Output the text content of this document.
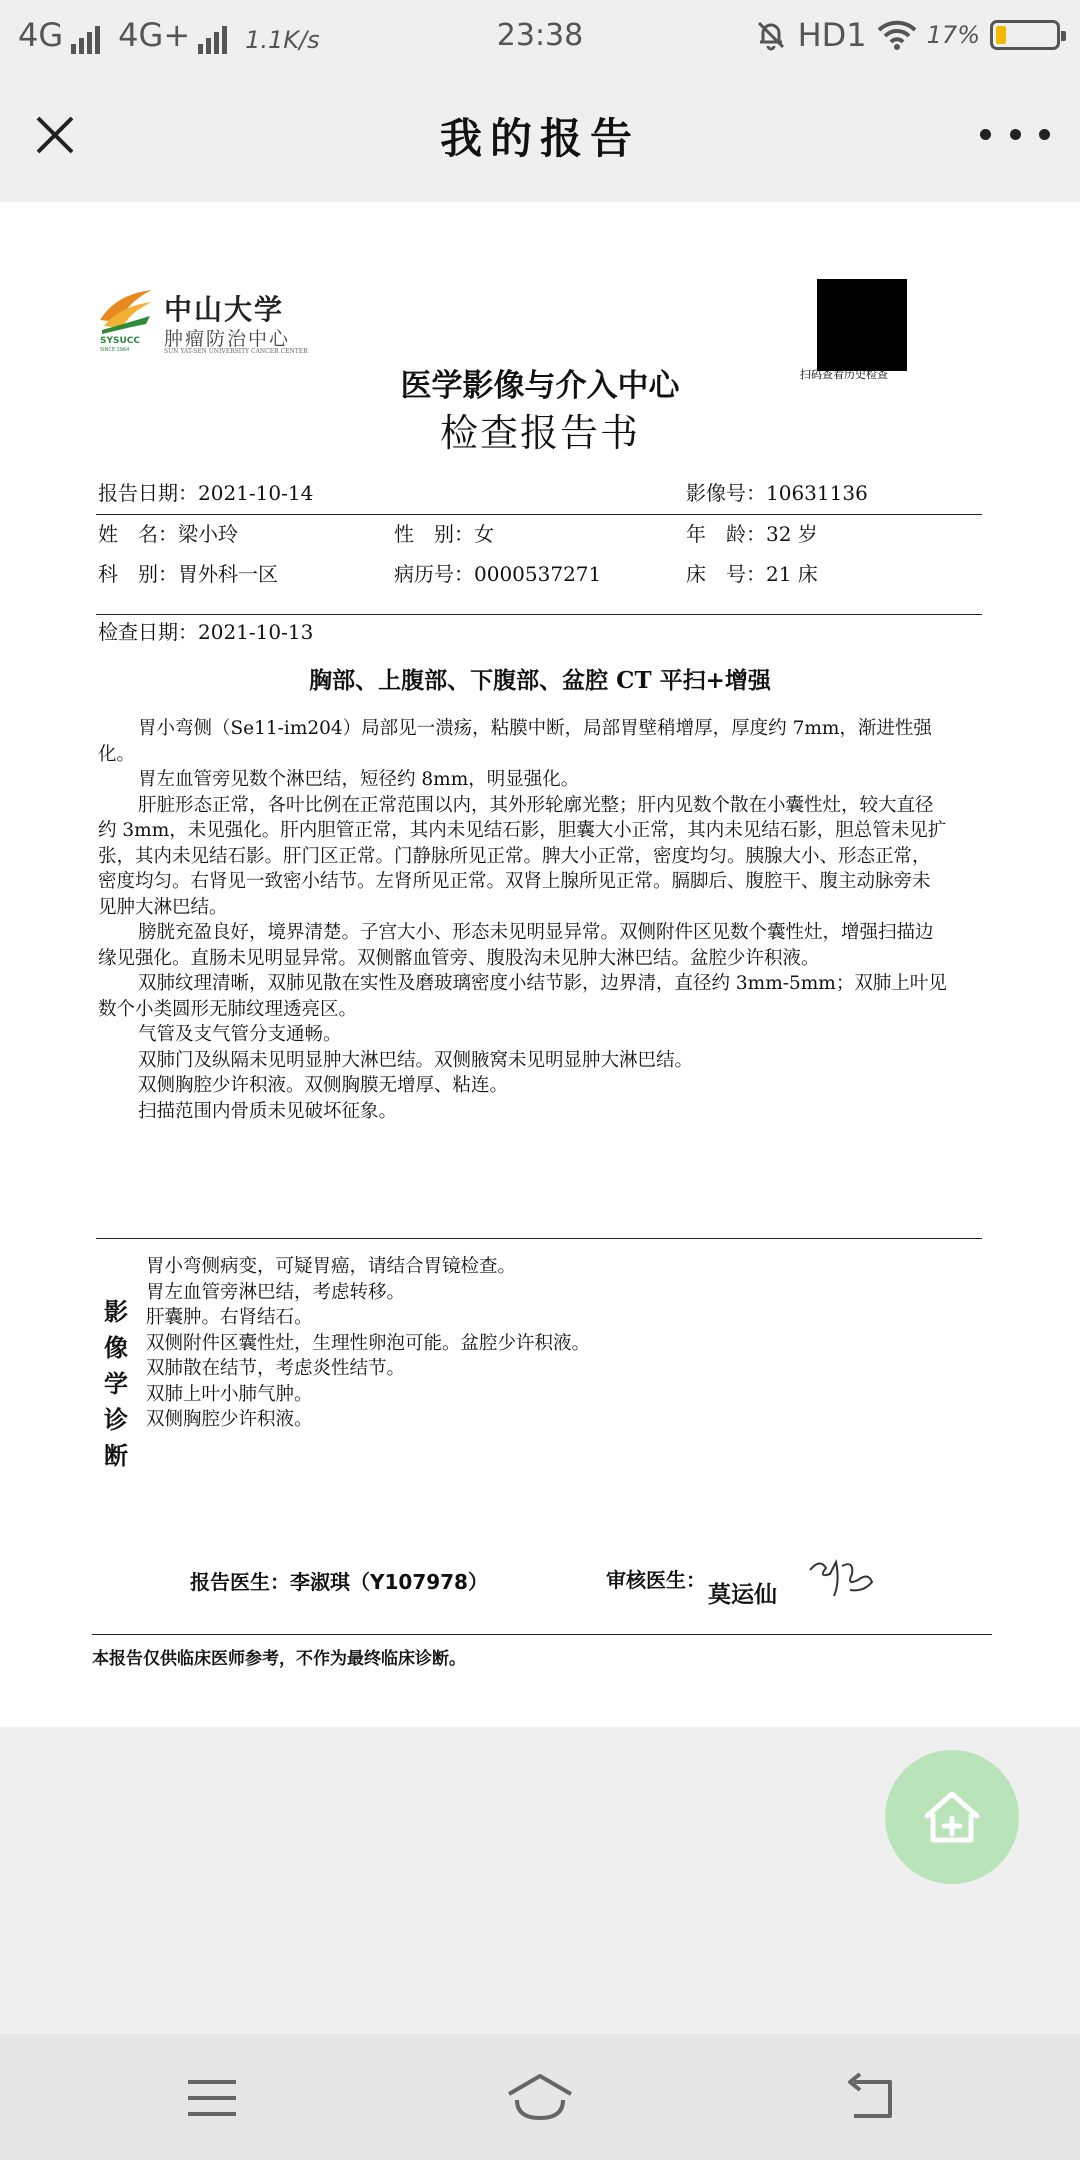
4G 4G+ 1.1K/s	23:38	HD1	17%
我的报告
SYSUCC
SINCE 1964
中山大学
肿瘤防治中心
SUN YAT-SEN UNIVERSITY CANCER CENTER
扫码查看历史检查
医学影像与介入中心
检查报告书
报告日期：2021-10-14	影像号：10631136
姓　名：梁小玲	性　别：女	年　龄：32 岁
科　别：胃外科一区	病历号：0000537271	床　号：21 床
检查日期：2021-10-13
胸部、上腹部、下腹部、盆腔 CT 平扫+增强

胃小弯侧（Se11-im204）局部见一溃疡，粘膜中断，局部胃壁稍增厚，厚度约 7mm，渐进性强化。

胃左血管旁见数个淋巴结，短径约 8mm，明显强化。

肝脏形态正常，各叶比例在正常范围以内，其外形轮廓光整；肝内见数个散在小囊性灶，较大直径约 3mm，未见强化。肝内胆管正常，其内未见结石影，胆囊大小正常，其内未见结石影，胆总管未见扩张，其内未见结石影。肝门区正常。门静脉所见正常。脾大小正常，密度均匀。胰腺大小、形态正常，密度均匀。右肾见一致密小结节。左肾所见正常。双肾上腺所见正常。膈脚后、腹腔干、腹主动脉旁未见肿大淋巴结。

膀胱充盈良好，境界清楚。子宫大小、形态未见明显异常。双侧附件区见数个囊性灶，增强扫描边缘见强化。直肠未见明显异常。双侧髂血管旁、腹股沟未见肿大淋巴结。盆腔少许积液。

双肺纹理清晰，双肺见散在实性及磨玻璃密度小结节影，边界清，直径约 3mm-5mm；双肺上叶见数个小类圆形无肺纹理透亮区。

气管及支气管分支通畅。

双肺门及纵隔未见明显肿大淋巴结。双侧腋窝未见明显肿大淋巴结。

双侧胸腔少许积液。双侧胸膜无增厚、粘连。

扫描范围内骨质未见破坏征象。

影
像
学
诊
断
胃小弯侧病变，可疑胃癌，请结合胃镜检查。
胃左血管旁淋巴结，考虑转移。
肝囊肿。右肾结石。
双侧附件区囊性灶，生理性卵泡可能。盆腔少许积液。
双肺散在结节，考虑炎性结节。
双肺上叶小肺气肿。
双侧胸腔少许积液。
报告医生：李淑琪（Y107978）	审核医生：
莫运仙
本报告仅供临床医师参考，不作为最终临床诊断。
